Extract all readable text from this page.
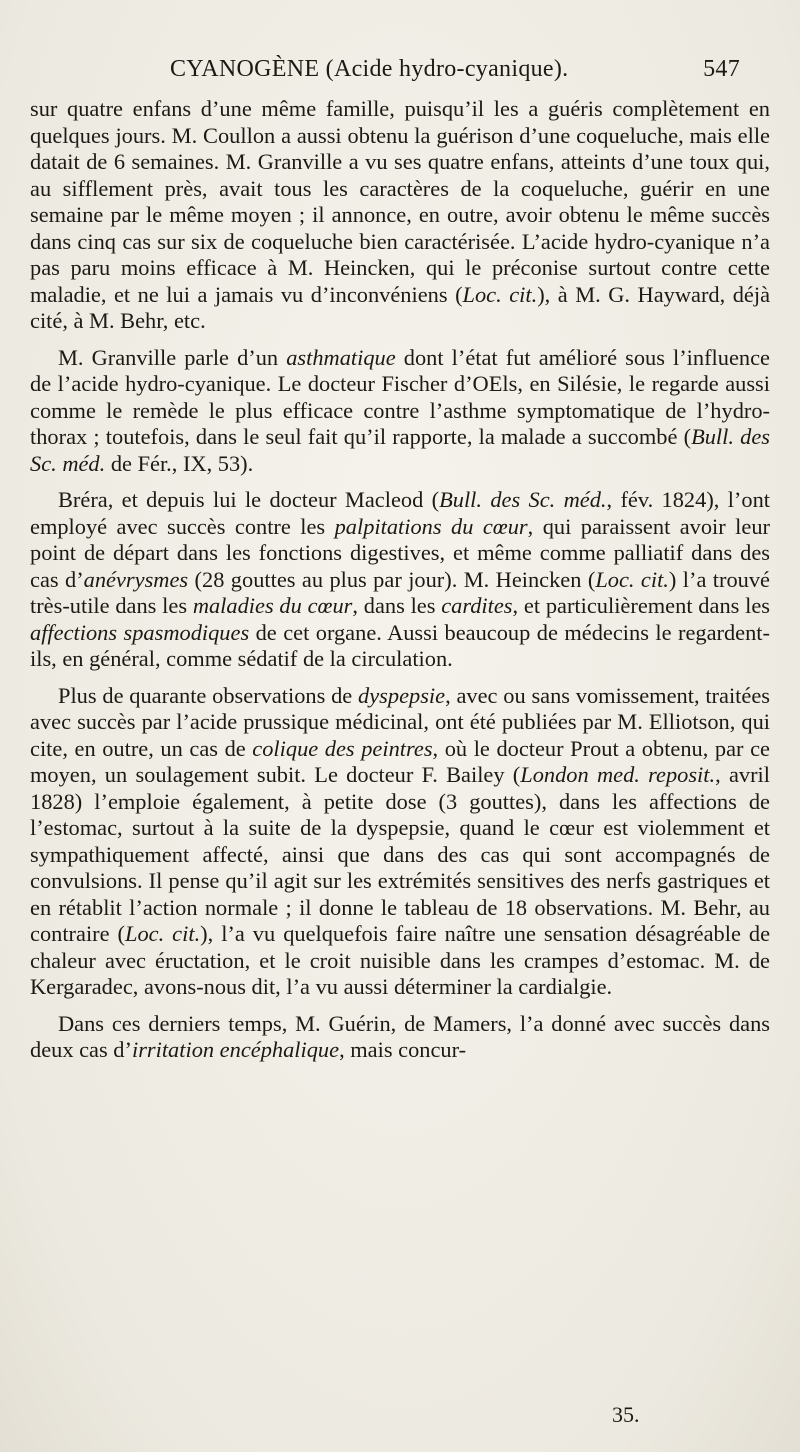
CYANOGÈNE (Acide hydro-cyanique).	547

sur quatre enfans d’une même famille, puisqu’il les a guéris complètement en quelques jours. M. Coullon a aussi obtenu la guérison d’une coqueluche, mais elle datait de 6 semaines. M. Granville a vu ses quatre enfans, atteints d’une toux qui, au sifflement près, avait tous les caractères de la coqueluche, guérir en une semaine par le même moyen ; il annonce, en outre, avoir obtenu le même succès dans cinq cas sur six de coqueluche bien caractérisée. L’acide hydro-cyanique n’a pas paru moins efficace à M. Heincken, qui le préconise surtout contre cette maladie, et ne lui a jamais vu d’inconvéniens (Loc. cit.), à M. G. Hayward, déjà cité, à M. Behr, etc.

M. Granville parle d’un asthmatique dont l’état fut amélioré sous l’influence de l’acide hydro-cyanique. Le docteur Fischer d’OEls, en Silésie, le regarde aussi comme le remède le plus efficace contre l’asthme symptomatique de l’hydro-thorax ; toutefois, dans le seul fait qu’il rapporte, la malade a succombé (Bull. des Sc. méd. de Fér., IX, 53).

Bréra, et depuis lui le docteur Macleod (Bull. des Sc. méd., fév. 1824), l’ont employé avec succès contre les palpitations du cœur, qui paraissent avoir leur point de départ dans les fonctions digestives, et même comme palliatif dans des cas d’anévrysmes (28 gouttes au plus par jour). M. Heincken (Loc. cit.) l’a trouvé très-utile dans les maladies du cœur, dans les cardites, et particulièrement dans les affections spasmodiques de cet organe. Aussi beaucoup de médecins le regardent-ils, en général, comme sédatif de la circulation.

Plus de quarante observations de dyspepsie, avec ou sans vomissement, traitées avec succès par l’acide prussique médicinal, ont été publiées par M. Elliotson, qui cite, en outre, un cas de colique des peintres, où le docteur Prout a obtenu, par ce moyen, un soulagement subit. Le docteur F. Bailey (London med. reposit., avril 1828) l’emploie également, à petite dose (3 gouttes), dans les affections de l’estomac, surtout à la suite de la dyspepsie, quand le cœur est violemment et sympathiquement affecté, ainsi que dans des cas qui sont accompagnés de convulsions. Il pense qu’il agit sur les extrémités sensitives des nerfs gastriques et en rétablit l’action normale ; il donne le tableau de 18 observations. M. Behr, au contraire (Loc. cit.), l’a vu quelquefois faire naître une sensation désagréable de chaleur avec éructation, et le croit nuisible dans les crampes d’estomac. M. de Kergaradec, avons-nous dit, l’a vu aussi déterminer la cardialgie.

Dans ces derniers temps, M. Guérin, de Mamers, l’a donné avec succès dans deux cas d’irritation encéphalique, mais concur-

35.
